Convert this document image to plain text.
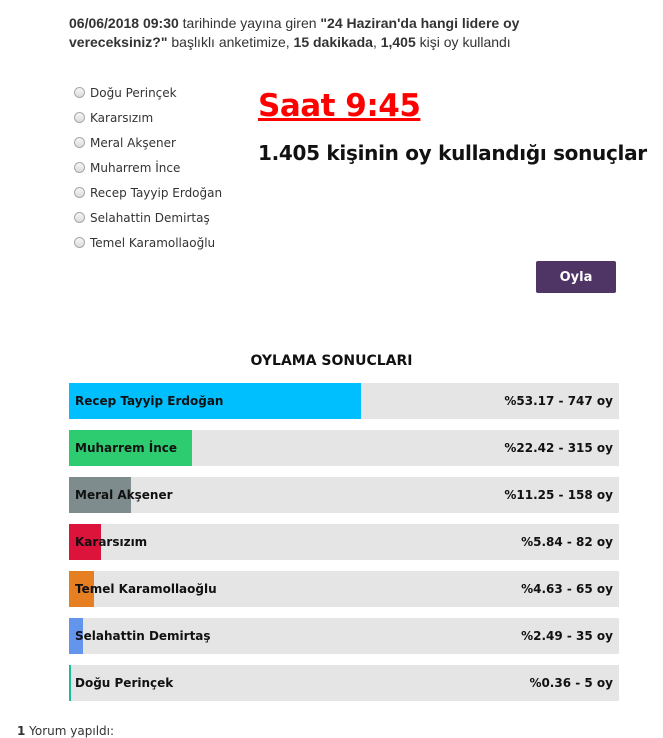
06/06/2018 09:30 tarihinde yayına giren "24 Haziran'da hangi lidere oy vereceksiniz?" başlıklı anketimize, 15 dakikada, 1,405 kişi oy kullandı
Doğu Perinçek
Kararsızım
Meral Akşener
Muharrem İnce
Recep Tayyip Erdoğan
Selahattin Demirtaş
Temel Karamollaoğlu
Saat 9:45
1.405 kişinin oy kullandığı sonuçlar
Oyla
OYLAMA SONUCLARI
Recep Tayyip Erdoğan	%53.17 - 747 oy
Muharrem İnce	%22.42 - 315 oy
Meral Akşener	%11.25 - 158 oy
Kararsızım	%5.84 - 82 oy
Temel Karamollaoğlu	%4.63 - 65 oy
Selahattin Demirtaş	%2.49 - 35 oy
Doğu Perinçek	%0.36 - 5 oy
1 Yorum yapıldı:
